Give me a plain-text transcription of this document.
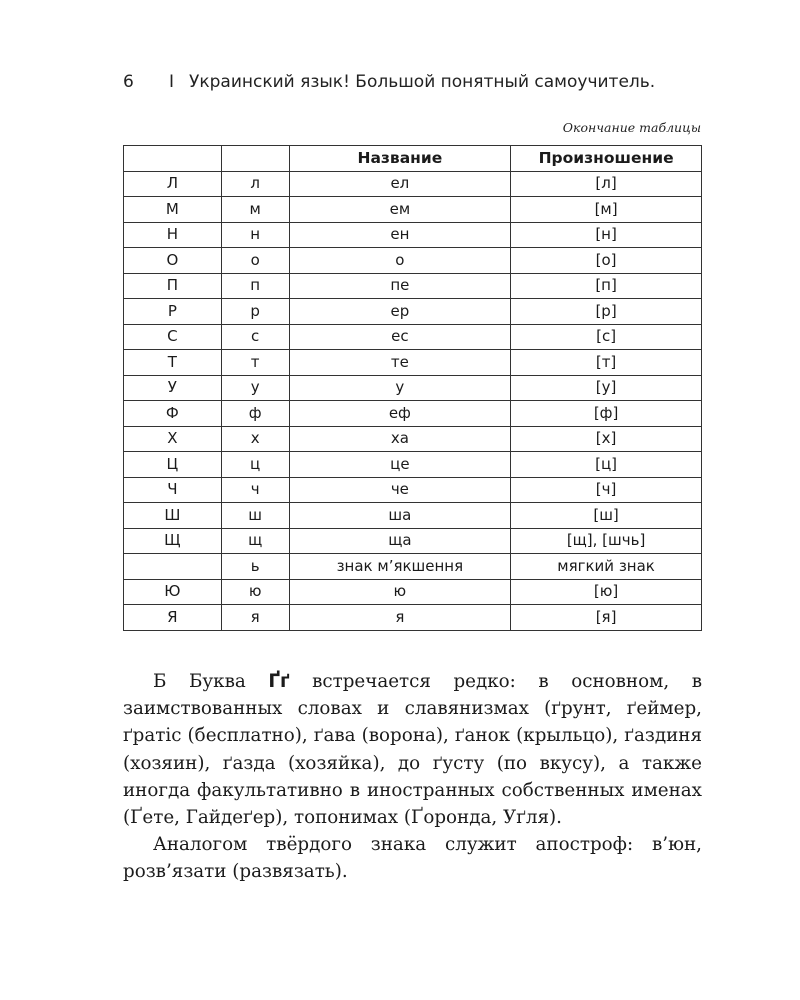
6 I Украинский язык! Большой понятный самоучитель.
Окончание таблицы
		Название	Произношение
Л	л	ел	[л]
М	м	ем	[м]
Н	н	ен	[н]
О	о	о	[о]
П	п	пе	[п]
Р	р	ер	[р]
С	с	ес	[с]
Т	т	те	[т]
У	у	у	[у]
Ф	ф	еф	[ф]
Х	х	ха	[х]
Ц	ц	це	[ц]
Ч	ч	че	[ч]
Ш	ш	ша	[ш]
Щ	щ	ща	[щ], [шчь]
	ь	знак м’якшення	мягкий знак
Ю	ю	ю	[ю]
Я	я	я	[я]

Б Буква Ґґ встречается редко: в основном, в заимствованных словах и славянизмах (ґрунт, ґеймер, ґратіс (бесплатно), ґава (ворона), ґанок (крыльцо), ґаздиня (хозяин), ґазда (хозяйка), до ґусту (по вкусу), а также иногда факультативно в иностранных собственных именах (Ґете, Гайдеґер), топонимах (Ґоронда, Уґля).

Аналогом твёрдого знака служит апостроф: в’юн, розв’язати (развязать).
